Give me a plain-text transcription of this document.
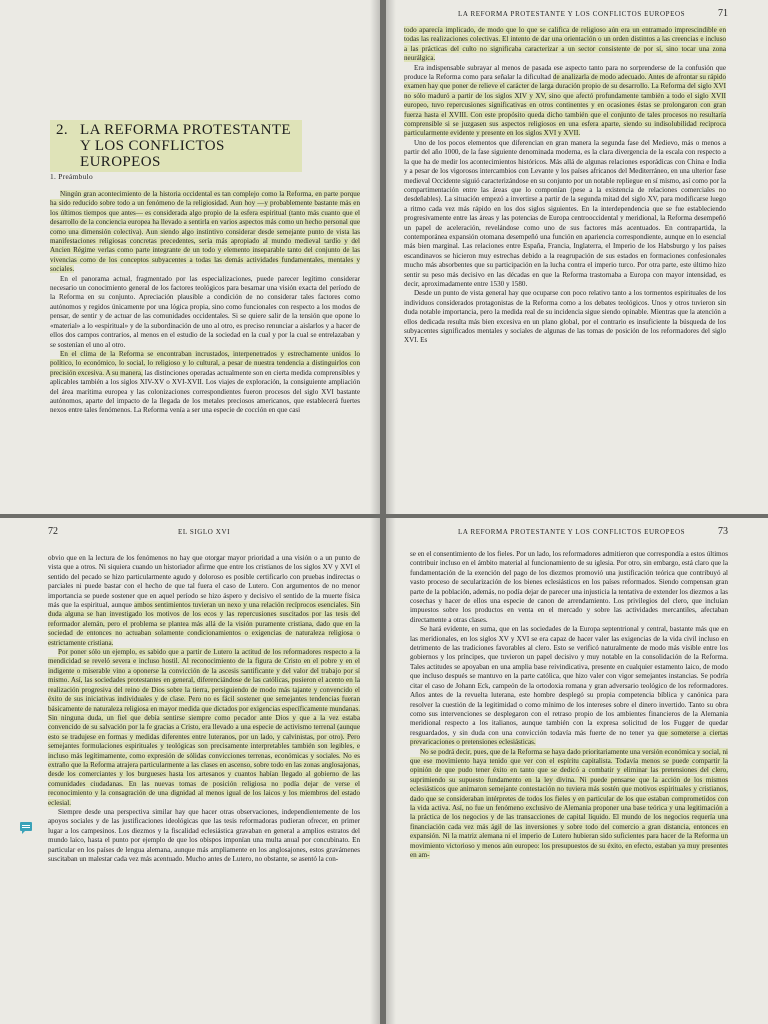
2. LA REFORMA PROTESTANTE
Y LOS CONFLICTOS EUROPEOS
1. Preámbulo

Ningún gran acontecimiento de la historia occidental es tan complejo como la Reforma, en parte porque ha sido reducido sobre todo a un fenómeno de la religiosidad. Aun hoy —y probablemente bastante más en los últimos tiempos que antes— es considerada algo propio de la esfera espiritual (tanto más cuanto que el desarrollo de la conciencia europea ha llevado a sentirla en varios aspectos más como un hecho personal que como una dimensión colectiva). Aun siendo algo instintivo considerar desde semejante punto de vista las manifestaciones religiosas concretas precedentes, sería más apropiado al mundo medieval tardío y del Ancien Régime verlas como parte integrante de un todo y elemento inseparable tanto del conjunto de las vivencias como de los conceptos subyacentes a todas las demás actividades fundamentales, mentales y sociales.

En el panorama actual, fragmentado por las especializaciones, puede parecer legítimo considerar necesario un conocimiento general de los factores teológicos para besarnar una visión exacta del período de la Reforma en su conjunto. Apreciación plausible a condición de no considerar tales factores como autónomos y regidos únicamente por una lógica propia, sino como funcionales con respecto a los modos de pensar, de sentir y de actuar de las comunidades occidentales. Si se quiere salir de la tensión que opone lo «material» a lo «espiritual» y de la subordinación de uno al otro, es preciso renunciar a aislarlos y a hacer de ellos dos campos contrarios, al menos en el estudio de la sociedad en la cual y por la cual se entrelazaban y se sostenían el uno al otro.

En el clima de la Reforma se encontraban incrustados, interpenetrados y estrechamente unidos lo político, lo económico, lo social, lo religioso y lo cultural, a pesar de nuestra tendencia a distinguirlos con precisión excesiva. A su manera, las distinciones operadas actualmente son en cierta medida comprensibles y aplicables también a los siglos XIV-XV o XVI-XVII. Los viajes de exploración, la consiguiente ampliación del área marítima europea y las colonizaciones correspondientes fueron procesos del siglo XVI bastante autónomos, aparte del impacto de la llegada de los metales preciosos americanos, que establecerá fuertes nexos entre tales fenómenos. La Reforma venía a ser una especie de cocción en que casi

LA REFORMA PROTESTANTE Y LOS CONFLICTOS EUROPEOS	71

todo aparecía implicado, de modo que lo que se califica de religioso aún era un entramado imprescindible en todas las realizaciones colectivas. El intento de dar una orientación o un orden distintos a las creencias e incluso a las prácticas del culto no significaba caracterizar a un sector consistente de por sí, sino tocar una zona neurálgica.

Era indispensable subrayar al menos de pasada ese aspecto tanto para no sorprenderse de la confusión que produce la Reforma como para señalar la dificultad de analizarla de modo adecuado. Antes de afrontar su rápido examen hay que poner de relieve el carácter de larga duración propio de su desarrollo. La Reforma del siglo XVI no sólo maduró a partir de los siglos XIV y XV, sino que afectó profundamente también a todo el siglo XVII europeo, tuvo repercusiones significativas en otros continentes y en ocasiones éstas se prolongaron con gran fuerza hasta el XVIII. Con este propósito queda dicho también que el conjunto de tales procesos no resultaría comprensible si se juzgasen sus aspectos religiosos en una esfera aparte, siendo su indisolubilidad recíproca particularmente evidente y presente en los siglos XVI y XVII.

Uno de los pocos elementos que diferencian en gran manera la segunda fase del Medievo, más o menos a partir del año 1000, de la fase siguiente denominada moderna, es la clara divergencia de la escala con respecto a la que ha de medir los acontecimientos históricos. Más allá de algunas relaciones esporádicas con China e India y a pesar de los vigorosos intercambios con Levante y los países africanos del Mediterráneo, en una ulterior fase medieval Occidente siguió caracterizándose en su conjunto por un notable repliegue en sí mismo, así como por la compartimentación entre las áreas que lo componían (pese a la existencia de relaciones comerciales no desdeñables). La situación empezó a invertirse a partir de la segunda mitad del siglo XV, para modificarse luego a ritmo cada vez más rápido en los dos siglos siguientes. En la interdependencia que se fue estableciendo progresivamente entre las áreas y las potencias de Europa centrooccidental y meridional, la Reforma desempeñó un papel de aceleración, revelándose como uno de sus factores más acentuados. En contrapartida, la contemporánea expansión otomana desempeñó una función en apariencia correspondiente, aunque en lo esencial más bien marginal. Las relaciones entre España, Francia, Inglaterra, el Imperio de los Habsburgo y los países escandinavos se hicieron muy estrechas debido a la reagrupación de sus estados en formaciones confesionales mucho más absorbentes que su participación en la lucha contra el imperio turco. Por otra parte, este último hizo sentir su peso más decisivo en las décadas en que la Reforma trastornaba a Europa con mayor intensidad, es decir, aproximadamente entre 1530 y 1580.

Desde un punto de vista general hay que ocuparse con poco relativo tanto a los tormentos espirituales de los individuos considerados protagonistas de la Reforma como a los debates teológicos. Unos y otros tuvieron sin duda notable importancia, pero la medida real de su incidencia sigue siendo opinable. Mientras que la atención a ellos dedicada resulta más bien excesiva en un plano global, por el contrario es insuficiente la búsqueda de los subyacentes significados mentales y sociales de algunas de las tomas de posición de los reformadores del siglo XVI. Es

72	EL SIGLO XVI

obvio que en la lectura de los fenómenos no hay que otorgar mayor prioridad a una visión o a un punto de vista que a otros. Ni siquiera cuando un historiador afirme que entre los cristianos de los siglos XV y XVI el sentido del pecado se hizo particularmente agudo y doloroso es posible certificarlo con pruebas indirectas o parciales ni puede bastar con el hecho de que tal fuera el caso de Lutero. Con argumentos de no menor importancia se puede sostener que en aquel período se hizo áspero y decisivo el sentido de la muerte física más que la espiritual, aunque ambos sentimientos tuvieran un nexo y una relación recíprocos esenciales. Sin duda alguna se han investigado los motivos de los ecos y las repercusiones suscitados por las tesis del reformador alemán, pero el problema se plantea más allá de la visión puramente cristiana, dado que en la sociedad de entonces no actuaban solamente condicionamientos o exigencias de naturaleza religiosa o estrictamente cristiana.

Por poner sólo un ejemplo, es sabido que a partir de Lutero la actitud de los reformadores respecto a la mendicidad se reveló severa e incluso hostil. Al reconocimiento de la figura de Cristo en el pobre y en el indigente o miserable vino a oponerse la convicción de la ascesis santificante y del valor del trabajo por sí mismo. Así, las sociedades protestantes en general, diferenciándose de las católicas, pusieron el acento en la realización progresiva del reino de Dios sobre la tierra, persiguiendo de modo más tajante y convencido el éxito de sus iniciativas individuales y de clase. Pero no es fácil sostener que semejantes tendencias fueran básicamente de naturaleza religiosa en mayor medida que dictados por exigencias específicamente mundanas. Sin ninguna duda, un fiel que debía sentirse siempre como pecador ante Dios y que a la vez estaba convencido de su salvación por la fe gracias a Cristo, era llevado a una especie de activismo terrenal (aunque esto se tradujese en formas y medidas diferentes entre luteranos, por un lado, y calvinistas, por otro). Pero semejantes formulaciones espirituales y teológicas son precisamente interpretables también son legibles, e incluso más legítimamente, como expresión de sólidas convicciones terrenas, económicas y sociales. No es extraño que la Reforma atrajera particularmente a las clases en ascenso, sobre todo en las zonas anglosajonas, desde los comerciantes y los burgueses hasta los artesanos y cuantos habían llegado al gobierno de las comunidades ciudadanas. En las nuevas tomas de posición religiosa no podía dejar de verse el reconocimiento y la consagración de una dignidad al menos igual de los laicos y los miembros del estado eclesial.

Siempre desde una perspectiva similar hay que hacer otras observaciones, independientemente de los apoyos sociales y de las justificaciones ideológicas que las tesis reformadoras pudieran ofrecer, en primer lugar a los campesinos. Los diezmos y la fiscalidad eclesiástica gravaban en general a amplios estratos del mundo laico, hasta el punto por ejemplo de que los obispos imponían una multa anual por concubinato. En particular en los países de lengua alemana, aunque más ampliamente en los anglosajones, estos gravámenes suscitaban un malestar cada vez más acentuado. Mucho antes de Lutero, no obstante, se asentó la con-

LA REFORMA PROTESTANTE Y LOS CONFLICTOS EUROPEOS	73

se en el consentimiento de los fieles. Por un lado, los reformadores admitieron que correspondía a estos últimos contribuir incluso en el ámbito material al funcionamiento de su iglesia. Por otro, sin embargo, está claro que la fundamentación de la exención del pago de los diezmos promovió una justificación teórica que contribuyó al vasto proceso de secularización de los bienes eclesiásticos en los países reformados. Siendo compensan gran parte de la población, además, no podía dejar de parecer una injusticia la tentativa de extender los diezmos a las cosechas y hacer de ellos una especie de canon de arrendamiento. Los privilegios del clero, que incluían impuestos sobre los productos en venta en el mercado y sobre las actividades mercantiles, afectaban directamente a otras clases.

Se hará evidente, en suma, que en las sociedades de la Europa septentrional y central, bastante más que en las meridionales, en los siglos XV y XVI se era capaz de hacer valer las exigencias de la vida civil incluso en detrimento de las tradiciones favorables al clero. Esto se verificó naturalmente de modo más visible entre los gobiernos y los príncipes, que tuvieron un papel decisivo y muy notable en la consolidación de la Reforma. Tales actitudes se apoyaban en una amplia base reivindicativa, presente en cualquier estamento laico, de modo que incluso después se mantuvo en la parte católica, que hizo valer con vigor semejantes instancias. Se podría citar el caso de Johann Eck, campeón de la ortodoxia romana y gran adversario teológico de los reformadores. Años antes de la revuelta luterana, este hombre desplegó su propia competencia bíblica y canónica para resolver la cuestión de la legitimidad o como mínimo de los intereses sobre el dinero invertido. Tanto su obra como sus intervenciones se desplegaron con el retraso propio de los ambientes financieros de la Alemania meridional respecto a los italianos, aunque también con la expresa solicitud de los Fugger de quedar resguardados, y sin duda con una convicción todavía más fuerte de no tener ya que someterse a ciertas prevaricaciones o pretensiones eclesiásticas.

No se podrá decir, pues, que de la Reforma se haya dado prioritariamente una versión económica y social, ni que ese movimiento haya tenido que ver con el espíritu capitalista. Todavía menos se puede compartir la opinión de que pudo tener éxito en tanto que se dedicó a combatir y eliminar las pretensiones del clero, suprimiendo su supuesto fundamento en la ley divina. Ni puede pensarse que la acción de los mismos eclesiásticos que animaron semejante contestación no tuviera más sostén que motivos espirituales y cristianos, dado que se consideraban intérpretes de todos los fieles y en particular de los que estaban comprometidos con la vida activa. Así, no fue un fenómeno exclusivo de Alemania proponer una base teórica y una legitimación a la práctica de los negocios y de las transacciones de capital líquido. El mundo de los negocios requería una financiación cada vez más ágil de las inversiones y sobre todo del comercio a gran distancia, entonces en expansión. Ni la matriz alemana ni el imperio de Lutero hubieran sido suficientes para hacer de la Reforma un movimiento victorioso y menos aún europeo: los presupuestos de su éxito, en efecto, estaban ya muy presentes en am-
